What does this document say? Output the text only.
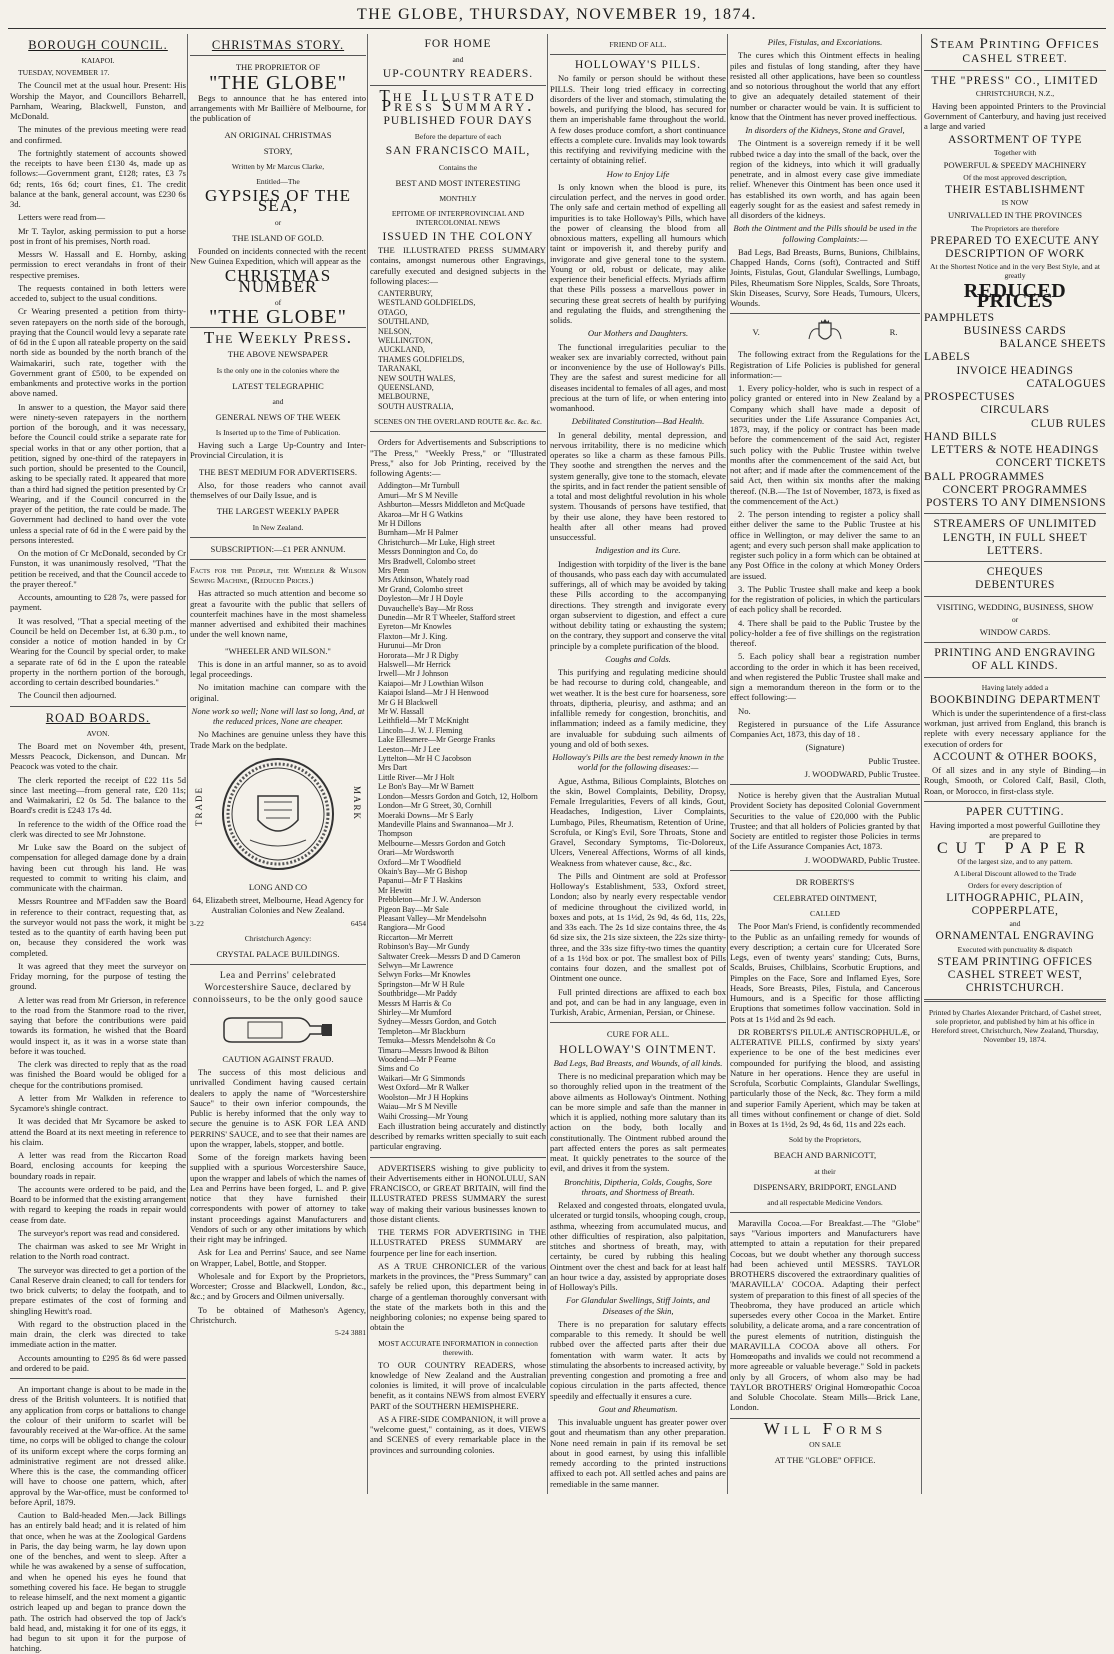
THE GLOBE, THURSDAY, NOVEMBER 19, 1874.
BOROUGH COUNCIL.
KAIAPOI.

TUESDAY, NOVEMBER 17.

The Council met at the usual hour. Present: His Worship the Mayor, and Councillors Beharrell, Parnham, Wearing, Blackwell, Funston, and McDonald.

The minutes of the previous meeting were read and confirmed.

The fortnightly statement of accounts showed the receipts to have been £130 4s, made up as follows:—Government grant, £128; rates, £3 7s 6d; rents, 16s 6d; court fines, £1. The credit balance at the bank, general account, was £230 6s 3d.

Letters were read from—

Mr T. Taylor, asking permission to put a horse post in front of his premises, North road.

Messrs W. Hassall and E. Hornby, asking permission to erect verandahs in front of their respective premises.

The requests contained in both letters were acceded to, subject to the usual conditions.

Cr Wearing presented a petition from thirty-seven ratepayers on the north side of the borough, praying that the Council would levy a separate rate of 6d in the £ upon all rateable property on the said north side as bounded by the north branch of the Waimakariri, such rate, together with the Government grant of £500, to be expended on embankments and protective works in the portion above named.

In answer to a question, the Mayor said there were ninety-seven ratepayers in the northern portion of the borough, and it was necessary, before the Council could strike a separate rate for special works in that or any other portion, that a petition, signed by one-third of the ratepayers in such portion, should be presented to the Council, asking to be specially rated. It appeared that more than a third had signed the petition presented by Cr Wearing, and if the Council concurred in the prayer of the petition, the rate could be made. The Government had declined to hand over the vote unless a special rate of 6d in the £ were paid by the persons interested.

On the motion of Cr McDonald, seconded by Cr Funston, it was unanimously resolved, "That the petition be received, and that the Council accede to the prayer thereof."

Accounts, amounting to £28 7s, were passed for payment.

It was resolved, "That a special meeting of the Council be held on December 1st, at 6.30 p.m., to consider a notice of motion handed in by Cr Wearing for the Council by special order, to make a separate rate of 6d in the £ upon the rateable property in the northern portion of the borough, according to certain described boundaries."

The Council then adjourned.

ROAD BOARDS.
AVON.

The Board met on November 4th, present, Messrs Peacock, Dickenson, and Duncan. Mr Peacock was voted to the chair.

The clerk reported the receipt of £22 11s 5d since last meeting—from general rate, £20 11s; and Waimakariri, £2 0s 5d. The balance to the Board's credit is £243 17s 4d.

In reference to the width of the Office road the clerk was directed to see Mr Johnstone.

Mr Luke saw the Board on the subject of compensation for alleged damage done by a drain having been cut through his land. He was requested to commit to writing his claim, and communicate with the chairman.

Messrs Rountree and M'Fadden saw the Board in reference to their contract, requesting that, as the surveyor would not pass the work, it might be tested as to the quantity of earth having been put on, because they considered the work was completed.

It was agreed that they meet the surveyor on Friday morning, for the purpose of testing the ground.

A letter was read from Mr Grierson, in reference to the road from the Stanmore road to the river, saying that before the contributions were paid towards its formation, he wished that the Board would inspect it, as it was in a worse state than before it was touched.

The clerk was directed to reply that as the road was finished the Board would be obliged for a cheque for the contributions promised.

A letter from Mr Walkden in reference to Sycamore's shingle contract.

It was decided that Mr Sycamore be asked to attend the Board at its next meeting in reference to his claim.

A letter was read from the Riccarton Road Board, enclosing accounts for keeping the boundary roads in repair.

The accounts were ordered to be paid, and the Board to be informed that the existing arrangement with regard to keeping the roads in repair would cease from date.

The surveyor's report was read and considered.

The chairman was asked to see Mr Wright in relation to the North road contract.

The surveyor was directed to get a portion of the Canal Reserve drain cleaned; to call for tenders for two brick culverts; to delay the footpath, and to prepare estimates of the cost of forming and shingling Hewitt's road.

With regard to the obstruction placed in the main drain, the clerk was directed to take immediate action in the matter.

Accounts amounting to £295 8s 6d were passed and ordered to be paid.

An important change is about to be made in the dress of the British volunteers. It is notified that any application from corps or battalions to change the colour of their uniform to scarlet will be favourably received at the War-office. At the same time, no corps will be obliged to change the colour of its uniform except where the corps forming an administrative regiment are not dressed alike. Where this is the case, the commanding officer will have to choose one pattern, which, after approval by the War-office, must be conformed to before April, 1879.

Caution to Bald-headed Men.—Jack Billings has an entirely bald head; and it is related of him that once, when he was at the Zoological Gardens in Paris, the day being warm, he lay down upon one of the benches, and went to sleep. After a while he was awakened by a sense of suffocation, and when he opened his eyes he found that something covered his face. He began to struggle to release himself, and the next moment a gigantic ostrich leaped up and began to prance down the path. The ostrich had observed the top of Jack's bald head, and, mistaking it for one of its eggs, it had begun to sit upon it for the purpose of hatching.

CHRISTMAS STORY.
THE PROPRIETOR OF
"THE GLOBE"

Begs to announce that he has entered into arrangements with Mr Baillière of Melbourne, for the publication of

AN ORIGINAL CHRISTMAS
STORY,
Written by Mr Marcus Clarke,
Entitled—The
GYPSIES OF THE SEA,
or
THE ISLAND OF GOLD.

Founded on incidents connected with the recent New Guinea Expedition, which will appear as the

CHRISTMAS NUMBER
of
"THE GLOBE"
The Weekly Press.
THE ABOVE NEWSPAPER
Is the only one in the colonies where the
LATEST TELEGRAPHIC
and
GENERAL NEWS OF THE WEEK
Is Inserted up to the Time of Publication.

Having such a Large Up-Country and Inter-Provincial Circulation, it is

THE BEST MEDIUM FOR ADVERTISERS.

Also, for those readers who cannot avail themselves of our Daily Issue, and is

THE LARGEST WEEKLY PAPER
In New Zealand.
SUBSCRIPTION:—£1 PER ANNUM.

Facts for the People, the Wheeler & Wilson Sewing Machine, (Reduced Prices.)

Has attracted so much attention and become so great a favourite with the public that sellers of counterfeit machines have in the most shameless manner advertised and exhibited their machines under the well known name,

"WHEELER AND WILSON."

This is done in an artful manner, so as to avoid legal proceedings.

No imitation machine can compare with the original.

None work so well; None will last so long, And, at the reduced prices, None are cheaper.

No Machines are genuine unless they have this Trade Mark on the bedplate.

TRADE	MARK
LONG AND CO

64, Elizabeth street, Melbourne, Head Agency for Australian Colonies and New Zealand.

3-22	6454
Christchurch Agency:
CRYSTAL PALACE BUILDINGS.

Lea and Perrins' celebrated Worcestershire Sauce, declared by connoisseurs, to be the only good sauce

CAUTION AGAINST FRAUD.

The success of this most delicious and unrivalled Condiment having caused certain dealers to apply the name of "Worcestershire Sauce" to their own inferior compounds, the Public is hereby informed that the only way to secure the genuine is to ASK FOR LEA AND PERRINS' SAUCE, and to see that their names are upon the wrapper, labels, stopper, and bottle.

Some of the foreign markets having been supplied with a spurious Worcestershire Sauce, upon the wrapper and labels of which the names of Lea and Perrins have been forged, L. and P. give notice that they have furnished their correspondents with power of attorney to take instant proceedings against Manufacturers and Vendors of such or any other imitations by which their right may be infringed.

Ask for Lea and Perrins' Sauce, and see Name on Wrapper, Label, Bottle, and Stopper.

Wholesale and for Export by the Proprietors, Worcester; Crosse and Blackwell, London, &c., &c.; and by Grocers and Oilmen universally.

To be obtained of Matheson's Agency, Christchurch.

5-24 3881
FOR HOME
and
UP-COUNTRY READERS.
The Illustrated Press Summary.
PUBLISHED FOUR DAYS
Before the departure of each
SAN FRANCISCO MAIL,
Contains the
BEST AND MOST INTERESTING
MONTHLY
EPITOME OF INTERPROVINCIAL AND INTERCOLONIAL NEWS
ISSUED IN THE COLONY

THE ILLUSTRATED PRESS SUMMARY contains, amongst numerous other Engravings, carefully executed and designed subjects in the following places:—

CANTERBURY,
WESTLAND GOLDFIELDS,
OTAGO,
SOUTHLAND,
NELSON,
WELLINGTON,
AUCKLAND,
THAMES GOLDFIELDS,
TARANAKI,
NEW SOUTH WALES,
QUEENSLAND,
MELBOURNE,
SOUTH AUSTRALIA,
SCENES ON THE OVERLAND ROUTE &c. &c. &c.

Orders for Advertisements and Subscriptions to "The Press," "Weekly Press," or "Illustrated Press," also for Job Printing, received by the following Agents:—

Addington—Mr Turnbull
Amuri—Mr S M Neville
Ashburton—Messrs Middleton and McQuade
Akaroa—Mr H G Watkins
Mr H Dillons
Burnham—Mr H Palmer
Christchurch—Mr Luke, High street
Messrs Donnington and Co, do
Mrs Bradwell, Colombo street
Mrs Penn
Mrs Atkinson, Whately road
Mr Grand, Colombo street
Doyleston—Mr J H Doyle
Duvauchelle's Bay—Mr Ross
Dunedin—Mr R T Wheeler, Stafford street
Eyreton—Mr Knowles
Flaxton—Mr J. King.
Hurunui—Mr Dron
Hororata—Mr J R Digby
Halswell—Mr Herrick
Irwell—Mr J Johnson
Kaiapoi—Mr J Lowthian Wilson
Kaiapoi Island—Mr J H Henwood
Mr G H Blackwell
Mr W. Hassall
Leithfield—Mr T McKnight
Lincoln—J. W. J. Fleming
Lake Ellesmere—Mr George Franks
Leeston—Mr J Lee
Lyttelton—Mr H C Jacobson
Mrs Dart
Little River—Mr J Holt
Le Bon's Bay—Mr W Barnett
London—Messrs Gordon and Gotch, 12, Holborn
London—Mr G Street, 30, Cornhill
Moeraki Downs—Mr S Early
Mandeville Plains and Swannanoa—Mr J. Thompson
Melbourne—Messrs Gordon and Gotch
Orari—Mr Wordsworth
Oxford—Mr T Woodfield
Okain's Bay—Mr G Bishop
Papanui—Mr F T Haskins
Mr Hewitt
Prebbleton—Mr J. W. Anderson
Pigeon Bay—Mr Sale
Pleasant Valley—Mr Mendelsohn
Rangiora—Mr Good
Riccarton—Mr Merrett
Robinson's Bay—Mr Gundy
Saltwater Creek—Messrs D and D Cameron
Selwyn—Mr Lawrence
Selwyn Forks—Mr Knowles
Springston—Mr W H Rule
Southbridge—Mr Paddy
Messrs M Harris & Co
Shirley—Mr Mumford
Sydney—Messrs Gordon, and Gotch
Templeton—Mr Blackburn
Temuka—Messrs Mendelsohn & Co
Timaru—Messrs Inwood & Bilton
Woodend—Mr P Fearne
Sims and Co
Waikari—Mr G Simmonds
West Oxford—Mr R Walker
Woolston—Mr J H Hopkins
Waiau—Mr S M Neville
Waihi Crossing—Mr Young

Each illustration being accurately and distinctly described by remarks written specially to suit each particular engraving.

ADVERTISERS wishing to give publicity to their Advertisements either in HONOLULU, SAN FRANCISCO, or GREAT BRITAIN, will find the ILLUSTRATED PRESS SUMMARY the surest way of making their various businesses known to those distant clients.

THE TERMS FOR ADVERTISING in THE ILLUSTRATED PRESS SUMMARY are fourpence per line for each insertion.

AS A TRUE CHRONICLER of the various markets in the provinces, the "Press Summary" can safely be relied upon, this department being in charge of a gentleman thoroughly conversant with the state of the markets both in this and the neighboring colonies; no expense being spared to obtain the

MOST ACCURATE INFORMATION in connection therewith.

TO OUR COUNTRY READERS, whose knowledge of New Zealand and the Australian colonies is limited, it will prove of incalculable benefit, as it contains NEWS from almost EVERY PART of the SOUTHERN HEMISPHERE.

AS A FIRE-SIDE COMPANION, it will prove a "welcome guest," containing, as it does, VIEWS and SCENES of every remarkable place in the provinces and surrounding colonies.

FRIEND OF ALL.
HOLLOWAY'S PILLS.

No family or person should be without these PILLS. Their long tried efficacy in correcting disorders of the liver and stomach, stimulating the bowels, and purifying the blood, has secured for them an imperishable fame throughout the world. A few doses produce comfort, a short continuance effects a complete cure. Invalids may look towards this rectifying and revivifying medicine with the certainty of obtaining relief.

How to Enjoy Life

Is only known when the blood is pure, its circulation perfect, and the nerves in good order. The only safe and certain method of expelling all impurities is to take Holloway's Pills, which have the power of cleansing the blood from all obnoxious matters, expelling all humours which taint or impoverish it, and thereby purify and invigorate and give general tone to the system. Young or old, robust or delicate, may alike experience their beneficial effects. Myriads affirm that these Pills possess a marvellous power in securing these great secrets of health by purifying and regulating the fluids, and strengthening the solids.

Our Mothers and Daughters.

The functional irregularities peculiar to the weaker sex are invariably corrected, without pain or inconvenience by the use of Holloway's Pills. They are the safest and surest medicine for all diseases incidental to females of all ages, and most precious at the turn of life, or when entering into womanhood.

Debilitated Constitution—Bad Health.

In general debility, mental depression, and nervous irritability, there is no medicine which operates so like a charm as these famous Pills. They soothe and strengthen the nerves and the system generally, give tone to the stomach, elevate the spirits, and in fact render the patient sensible of a total and most delightful revolution in his whole system. Thousands of persons have testified, that by their use alone, they have been restored to health after all other means had proved unsuccessful.

Indigestion and its Cure.

Indigestion with torpidity of the liver is the bane of thousands, who pass each day with accumulated sufferings, all of which may be avoided by taking these Pills according to the accompanying directions. They strength and invigorate every organ subservient to digestion, and effect a cure without debility tating or exhausting the system; on the contrary, they support and conserve the vital principle by a complete purification of the blood.

Coughs and Colds.

This purifying and regulating medicine should be had recourse to during cold, changeable, and wet weather. It is the best cure for hoarseness, sore throats, diptheria, pleurisy, and asthma; and an infallible remedy for congestion, bronchitis, and inflammation; indeed as a family medicine, they are invaluable for subduing such ailments of young and old of both sexes.

Holloway's Pills are the best remedy known in the world for the following diseases:—

Ague, Asthma, Bilious Complaints, Blotches on the skin, Bowel Complaints, Debility, Dropsy, Female Irregularities, Fevers of all kinds, Gout, Headaches, Indigestion, Liver Complaints, Lumbago, Piles, Rheumatism, Retention of Urine, Scrofula, or King's Evil, Sore Throats, Stone and Gravel, Secondary Symptoms, Tic-Doloreux, Ulcers, Venereal Affections, Worms of all kinds, Weakness from whatever cause, &c., &c.

The Pills and Ointment are sold at Professor Holloway's Establishment, 533, Oxford street, London; also by nearly every respectable vendor of medicine throughout the civilized world, in boxes and pots, at 1s 1½d, 2s 9d, 4s 6d, 11s, 22s, and 33s each. The 2s 1d size contains three, the 4s 6d size six, the 21s size sixteen, the 22s size thirty-three, and the 33s size fifty-two times the quantity of a 1s 1½d box or pot. The smallest box of Pills contains four dozen, and the smallest pot of Ointment one ounce.

Full printed directions are affixed to each box and pot, and can be had in any language, even in Turkish, Arabic, Armenian, Persian, or Chinese.

CURE FOR ALL.
HOLLOWAY'S OINTMENT.
Bad Legs, Bad Breasts, and Wounds, of all kinds.

There is no medicinal preparation which may be so thoroughly relied upon in the treatment of the above ailments as Holloway's Ointment. Nothing can be more simple and safe than the manner in which it is applied, nothing more salutary than its action on the body, both locally and constitutionally. The Ointment rubbed around the part affected enters the pores as salt permeates meat. It quickly penetrates to the source of the evil, and drives it from the system.

Bronchitis, Diptheria, Colds, Coughs, Sore throats, and Shortness of Breath.

Relaxed and congested throats, elongated uvula, ulcerated or turgid tonsils, whooping cough, croup, asthma, wheezing from accumulated mucus, and other difficulties of respiration, also palpitation, stitches and shortness of breath, may, with certainty, be cured by rubbing this healing Ointment over the chest and back for at least half an hour twice a day, assisted by appropriate doses of Holloway's Pills.

For Glandular Swellings, Stiff Joints, and Diseases of the Skin,

There is no preparation for salutary effects comparable to this remedy. It should be well rubbed over the affected parts after their due fomentation with warm water. It acts by stimulating the absorbents to increased activity, by preventing congestion and promoting a free and copious circulation in the parts affected, thence speedily and effectually it ensures a cure.

Gout and Rheumatism.

This invaluable unguent has greater power over gout and rheumatism than any other preparation. None need remain in pain if its removal be set about in good earnest, by using this infallible remedy according to the printed instructions affixed to each pot. All settled aches and pains are remediable in the same manner.

Piles, Fistulas, and Excoriations.

The cures which this Ointment effects in healing piles and fistulas of long standing, after they have resisted all other applications, have been so countless and so notorious throughout the world that any effort to give an adequately detailed statement of their number or character would be vain. It is sufficient to know that the Ointment has never proved ineffectious.

In disorders of the Kidneys, Stone and Gravel,

The Ointment is a sovereign remedy if it be well rubbed twice a day into the small of the back, over the region of the kidneys, into which it will gradually penetrate, and in almost every case give immediate relief. Whenever this Ointment has been once used it has established its own worth, and has again been eagerly sought for as the easiest and safest remedy in all disorders of the kidneys.

Both the Ointment and the Pills should be used in the following Complaints:—

Bad Legs, Bad Breasts, Burns, Bunions, Chilblains, Chapped Hands, Corns (soft), Contracted and Stiff Joints, Fistulas, Gout, Glandular Swellings, Lumbago, Piles, Rheumatism Sore Nipples, Scalds, Sore Throats, Skin Diseases, Scurvy, Sore Heads, Tumours, Ulcers, Wounds.

V.	R.

The following extract from the Regulations for the Registration of Life Policies is published for general information:—

1. Every policy-holder, who is such in respect of a policy granted or entered into in New Zealand by a Company which shall have made a deposit of securities under the Life Assurance Companies Act, 1873, may, if the policy or contract has been made before the commencement of the said Act, register such policy with the Public Trustee within twelve months after the commencement of the said Act, but not after; and if made after the commencement of the said Act, then within six months after the making thereof. (N.B.—The 1st of November, 1873, is fixed as the commencement of the Act.)

2. The person intending to register a policy shall either deliver the same to the Public Trustee at his office in Wellington, or may deliver the same to an agent; and every such person shall make application to register such policy in a form which can be obtained at any Post Office in the colony at which Money Orders are issued.

3. The Public Trustee shall make and keep a book for the registration of policies, in which the particulars of each policy shall be recorded.

4. There shall be paid to the Public Trustee by the policy-holder a fee of five shillings on the registration thereof.

5. Each policy shall bear a registration number according to the order in which it has been received, and when registered the Public Trustee shall make and sign a memorandum thereon in the form or to the effect following:—

No.

Registered in pursuance of the Life Assurance Companies Act, 1873, this day of 18 .

(Signature)

Public Trustee.

J. WOODWARD, Public Trustee.

Notice is hereby given that the Australian Mutual Provident Society has deposited Colonial Government Securities to the value of £20,000 with the Public Trustee; and that all holders of Policies granted by that Society are entitled to register those Policies in terms of the Life Assurance Companies Act, 1873.

J. WOODWARD, Public Trustee.

DR ROBERTS'S
CELEBRATED OINTMENT,
CALLED

The Poor Man's Friend, is confidently recommended to the Public as an unfailing remedy for wounds of every description; a certain cure for Ulcerated Sore Legs, even of twenty years' standing; Cuts, Burns, Scalds, Bruises, Chilblains, Scorbutic Eruptions, and Pimples on the Face, Sore and Inflamed Eyes, Sore Heads, Sore Breasts, Piles, Fistula, and Cancerous Humours, and is a Specific for those afflicting Eruptions that sometimes follow vaccination. Sold in Pots at 1s 1½d and 2s 9d each.

DR ROBERTS'S PILULÆ ANTISCROPHULÆ, or ALTERATIVE PILLS, confirmed by sixty years' experience to be one of the best medicines ever compounded for purifying the blood, and assisting Nature in her operations. Hence they are useful in Scrofula, Scorbutic Complaints, Glandular Swellings, particularly those of the Neck, &c. They form a mild and superior Family Aperient, which may be taken at all times without confinement or change of diet. Sold in Boxes at 1s 1½d, 2s 9d, 4s 6d, 11s and 22s each.

Sold by the Proprietors,
BEACH AND BARNICOTT,
at their
DISPENSARY, BRIDPORT, ENGLAND
and all respectable Medicine Vendors.

Maravilla Cocoa.—For Breakfast.—The "Globe" says "Various importers and Manufacturers have attempted to attain a reputation for their prepared Cocoas, but we doubt whether any thorough success had been achieved until MESSRS. TAYLOR BROTHERS discovered the extraordinary qualities of 'MARAVILLA' COCOA. Adapting their perfect system of preparation to this finest of all species of the Theobroma, they have produced an article which supersedes every other Cocoa in the Market. Entire solubility, a delicate aroma, and a rare concentration of the purest elements of nutrition, distinguish the MARAVILLA COCOA above all others. For Homœopaths and invalids we could not recommend a more agreeable or valuable beverage." Sold in packets only by all Grocers, of whom also may be had TAYLOR BROTHERS' Original Homœopathic Cocoa and Soluble Chocolate. Steam Mills—Brick Lane, London.

Will Forms
ON SALE
AT THE "GLOBE" OFFICE.
Steam Printing Offices
CASHEL STREET.
THE "PRESS" CO., LIMITED
CHRISTCHURCH, N.Z.,

Having been appointed Printers to the Provincial Government of Canterbury, and having just received a large and varied

ASSORTMENT OF TYPE
Together with
POWERFUL & SPEEDY MACHINERY
Of the most approved description,
THEIR ESTABLISHMENT
IS NOW
UNRIVALLED IN THE PROVINCES
The Proprietors are therefore
PREPARED TO EXECUTE ANY
DESCRIPTION OF WORK
At the Shortest Notice and in the very Best Style, and at greatly
REDUCED PRICES
PAMPHLETS
BUSINESS CARDS
BALANCE SHEETS
LABELS
INVOICE HEADINGS
CATALOGUES
PROSPECTUSES
CIRCULARS
CLUB RULES
HAND BILLS
LETTERS & NOTE HEADINGS
CONCERT TICKETS
BALL PROGRAMMES
CONCERT PROGRAMMES
POSTERS TO ANY DIMENSIONS
STREAMERS OF UNLIMITED
LENGTH, IN FULL SHEET
LETTERS.
CHEQUES
DEBENTURES
VISITING, WEDDING, BUSINESS, SHOW
or
WINDOW CARDS.
PRINTING AND ENGRAVING
OF ALL KINDS.
Having lately added a
BOOKBINDING DEPARTMENT

Which is under the superintendence of a first-class workman, just arrived from England, this branch is replete with every necessary appliance for the execution of orders for

ACCOUNT & OTHER BOOKS,

Of all sizes and in any style of Binding—in Rough, Smooth, or Colored Calf, Basil, Cloth, Roan, or Morocco, in first-class style.

PAPER CUTTING.

Having imported a most powerful Guillotine they are prepared to

CUT PAPER
Of the largest size, and to any pattern.
A Liberal Discount allowed to the Trade
Orders for every description of
LITHOGRAPHIC, PLAIN,
COPPERPLATE,
and
ORNAMENTAL ENGRAVING
Executed with punctuality & dispatch
STEAM PRINTING OFFICES
CASHEL STREET WEST,
CHRISTCHURCH.

Printed by Charles Alexander Pritchard, of Cashel street, sole proprietor, and published by him at his office in Hereford street, Christchurch, New Zealand, Thursday, November 19, 1874.
